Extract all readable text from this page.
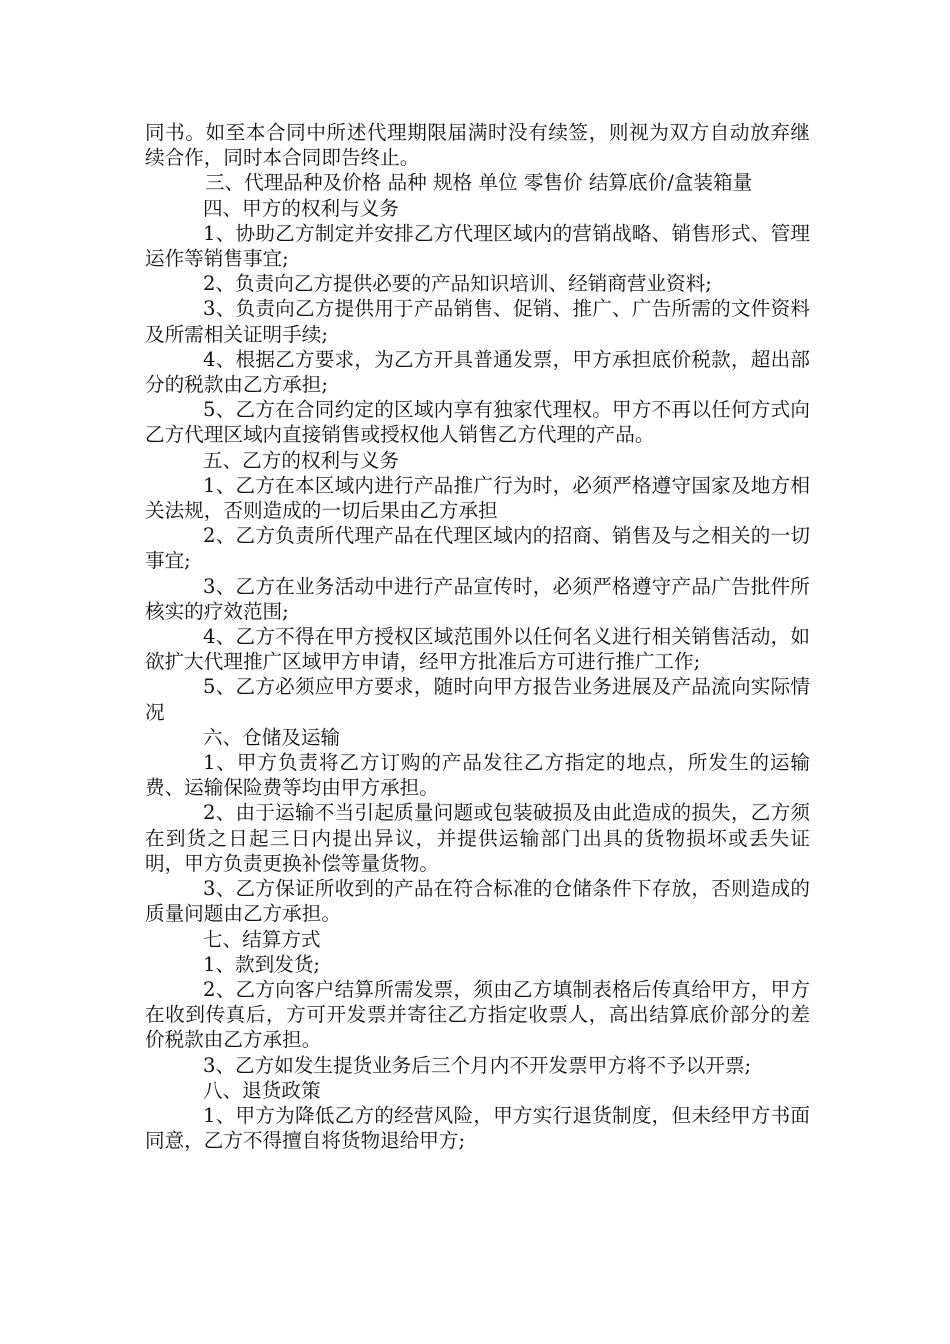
同书。如至本合同中所述代理期限届满时没有续签，则视为双方自动放弃继续合作，同时本合同即告终止。

三、代理品种及价格 品种 规格 单位 零售价 结算底价/盒装箱量

四、甲方的权利与义务

1、协助乙方制定并安排乙方代理区域内的营销战略、销售形式、管理运作等销售事宜;

2、负责向乙方提供必要的产品知识培训、经销商营业资料;

3、负责向乙方提供用于产品销售、促销、推广、广告所需的文件资料及所需相关证明手续;

4、根据乙方要求，为乙方开具普通发票，甲方承担底价税款，超出部分的税款由乙方承担;

5、乙方在合同约定的区域内享有独家代理权。甲方不再以任何方式向乙方代理区域内直接销售或授权他人销售乙方代理的产品。

五、乙方的权利与义务

1、乙方在本区域内进行产品推广行为时，必须严格遵守国家及地方相关法规，否则造成的一切后果由乙方承担

2、乙方负责所代理产品在代理区域内的招商、销售及与之相关的一切事宜;

3、乙方在业务活动中进行产品宣传时，必须严格遵守产品广告批件所核实的疗效范围;

4、乙方不得在甲方授权区域范围外以任何名义进行相关销售活动，如欲扩大代理推广区域甲方申请，经甲方批准后方可进行推广工作;

5、乙方必须应甲方要求，随时向甲方报告业务进展及产品流向实际情况

六、仓储及运输

1、甲方负责将乙方订购的产品发往乙方指定的地点，所发生的运输费、运输保险费等均由甲方承担。

2、由于运输不当引起质量问题或包装破损及由此造成的损失，乙方须在到货之日起三日内提出异议，并提供运输部门出具的货物损坏或丢失证明，甲方负责更换补偿等量货物。

3、乙方保证所收到的产品在符合标准的仓储条件下存放，否则造成的质量问题由乙方承担。

七、结算方式

1、款到发货;

2、乙方向客户结算所需发票，须由乙方填制表格后传真给甲方，甲方在收到传真后，方可开发票并寄往乙方指定收票人，高出结算底价部分的差价税款由乙方承担。

3、乙方如发生提货业务后三个月内不开发票甲方将不予以开票;

八、退货政策

1、甲方为降低乙方的经营风险，甲方实行退货制度，但未经甲方书面同意，乙方不得擅自将货物退给甲方;
